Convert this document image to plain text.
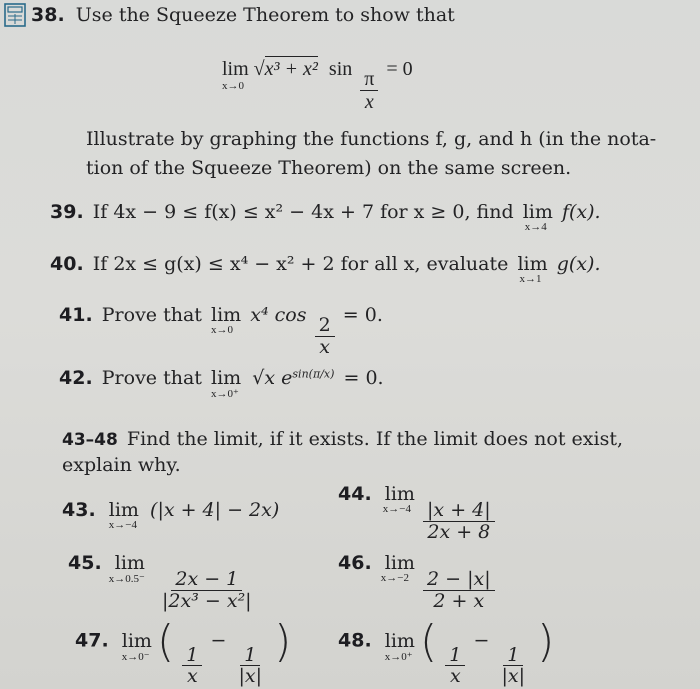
38. Use the Squeeze Theorem to show that
lim
x→0
√x³ + x² $\sin \frac{\pi}{x} = 0$
Illustrate by graphing the functions f, g, and h (in the nota-
tion of the Squeeze Theorem) on the same screen.
39. If 4x − 9 ≤ f(x) ≤ x² − 4x + 7 for x ≥ 0, find lim
x→4
f(x).
40. If 2x ≤ g(x) ≤ x⁴ − x² + 2 for all x, evaluate lim
x→1
g(x).
41. Prove that lim
x→0
x⁴ $\cos \frac{2}{x} = 0$.
42. Prove that lim
x→0⁺
√x $e^{sin(\pi/x)} = 0$.
43–48 Find the limit, if it exists. If the limit does not exist,
explain why.
43. lim
x→−4
(|x + 4| − 2x)
44. lim
x→−4
$\frac{|x + 4|}{2x + 8}$
45. lim
x→0.5⁻
$\frac{2x - 1}{\text{|2x³ − x²|}}$
46. lim
x→−2
$\frac{2 - |x|}{2 + x}$
47. lim
x→0⁻ ( $\frac{1}{x}$
−
$\frac{1}{|x|}$ ) 48. lim
x→0⁺ ( $\frac{1}{x}$
−
$\frac{1}{|x|}$ )
